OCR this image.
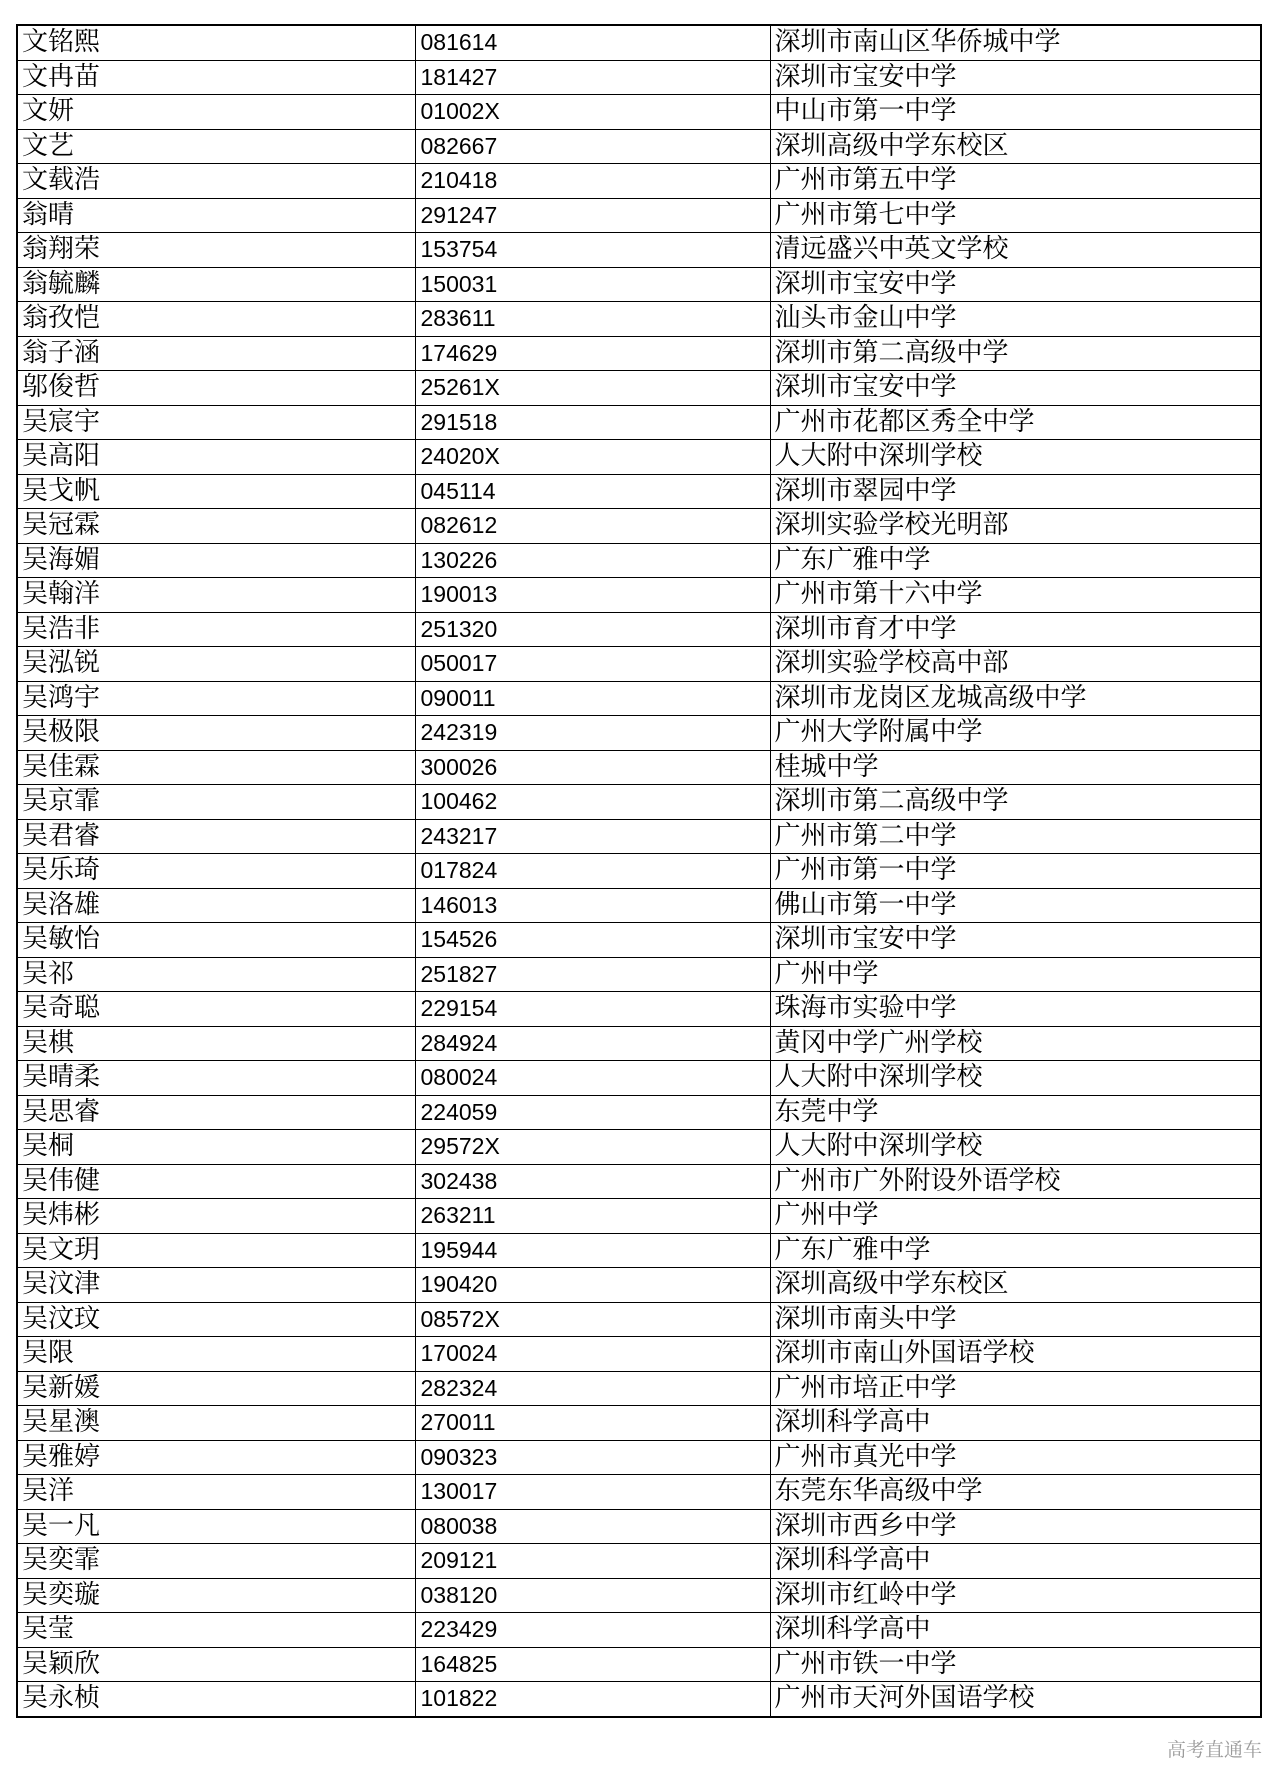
文铭熙	081614	深圳市南山区华侨城中学
文冉苗	181427	深圳市宝安中学
文妍	01002X	中山市第一中学
文艺	082667	深圳高级中学东校区
文载浩	210418	广州市第五中学
翁晴	291247	广州市第七中学
翁翔荣	153754	清远盛兴中英文学校
翁毓麟	150031	深圳市宝安中学
翁孜恺	283611	汕头市金山中学
翁子涵	174629	深圳市第二高级中学
邬俊哲	25261X	深圳市宝安中学
吴宸宇	291518	广州市花都区秀全中学
吴高阳	24020X	人大附中深圳学校
吴戈帆	045114	深圳市翠园中学
吴冠霖	082612	深圳实验学校光明部
吴海媚	130226	广东广雅中学
吴翰洋	190013	广州市第十六中学
吴浩非	251320	深圳市育才中学
吴泓锐	050017	深圳实验学校高中部
吴鸿宇	090011	深圳市龙岗区龙城高级中学
吴极限	242319	广州大学附属中学
吴佳霖	300026	桂城中学
吴京霏	100462	深圳市第二高级中学
吴君睿	243217	广州市第二中学
吴乐琦	017824	广州市第一中学
吴洛雄	146013	佛山市第一中学
吴敏怡	154526	深圳市宝安中学
吴祁	251827	广州中学
吴奇聪	229154	珠海市实验中学
吴棋	284924	黄冈中学广州学校
吴晴柔	080024	人大附中深圳学校
吴思睿	224059	东莞中学
吴桐	29572X	人大附中深圳学校
吴伟健	302438	广州市广外附设外语学校
吴炜彬	263211	广州中学
吴文玥	195944	广东广雅中学
吴汶津	190420	深圳高级中学东校区
吴汶玟	08572X	深圳市南头中学
吴限	170024	深圳市南山外国语学校
吴新媛	282324	广州市培正中学
吴星澳	270011	深圳科学高中
吴雅婷	090323	广州市真光中学
吴洋	130017	东莞东华高级中学
吴一凡	080038	深圳市西乡中学
吴奕霏	209121	深圳科学高中
吴奕璇	038120	深圳市红岭中学
吴莹	223429	深圳科学高中
吴颖欣	164825	广州市铁一中学
吴永桢	101822	广州市天河外国语学校
高考直通车
